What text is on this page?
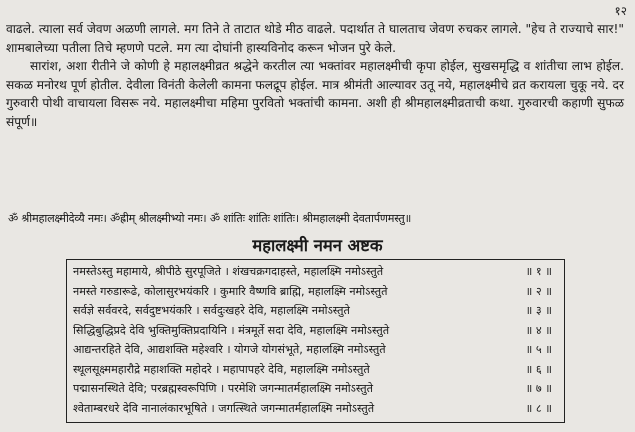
१२

वाढले. त्याला सर्व जेवण अळणी लागले. मग तिने ते ताटात थोडे मीठ वाढले. पदार्थात ते घालताच जेवण रुचकर लागले. "हेच ते राज्याचे सार!" शामबालेच्या पतीला तिचे म्हणणे पटले. मग त्या दोघांनी हास्यविनोद करून भोजन पुरे केले.

सारांश, अशा रीतीने जे कोणी हे महालक्ष्मीव्रत श्रद्धेने करतील त्या भक्तांवर महालक्ष्मीची कृपा होईल, सुखसमृद्धि व शांतीचा लाभ होईल. सकळ मनोरथ पूर्ण होतील. देवीला विनंती केलेली कामना फलद्रूप होईल. मात्र श्रीमंती आल्यावर उतू नये, महालक्ष्मीचे व्रत करायला चुकू नये. दर गुरुवारी पोथी वाचायला विसरू नये. महालक्ष्मीचा महिमा पुरवितो भक्तांची कामना. अशी ही श्रीमहालक्ष्मीव्रताची कथा. गुरुवारची कहाणी सुफळ संपूर्ण॥

ॐ श्रीमहालक्ष्मीदेव्यै नमः। ॐह्रीम् श्रीलक्ष्मीभ्यो नमः। ॐ शांतिः शांतिः शांतिः। श्रीमहालक्ष्मी देवतार्पणमस्तु॥
महालक्ष्मी नमन अष्टक
नमस्तेऽस्तु महामाये, श्रीपीठे सुरपूजिते । शंखचक्रगदाहस्ते, महालक्ष्मि नमोऽस्तुते	॥ १ ॥
नमस्ते गरुडारूढे, कोलासुरभयंकरि । कुमारि वैष्णवि ब्राह्मि, महालक्ष्मि नमोऽस्तुते	॥ २ ॥
सर्वज्ञे सर्ववरदे, सर्वदुष्टभयंकरि । सर्वदुःखहरे देवि, महालक्ष्मि नमोऽस्तुते	॥ ३ ॥
सिद्धिबुद्धिप्रदे देवि भुक्तिमुक्तिप्रदायिनि । मंत्रमूर्ते सदा देवि, महालक्ष्मि नमोऽस्तुते	॥ ४ ॥
आद्यन्तरहिते देवि, आद्यशक्ति महेश्वरि । योगजे योगसंभूते, महालक्ष्मि नमोऽस्तुते	॥ ५ ॥
स्थूलसूक्ष्ममहारौद्रे महाशक्ति महोदरे । महापापहरे देवि, महालक्ष्मि नमोऽस्तुते	॥ ६ ॥
पद्मासनस्थिते देवि; परब्रह्मस्वरूपिणि । परमेशि जगन्मातर्महालक्ष्मि नमोऽस्तुते	॥ ७ ॥
श्वेताम्बरधरे देवि नानालंकारभूषिते । जगत्स्थिते जगन्मातर्महालक्ष्मि नमोऽस्तुते	॥ ८ ॥
